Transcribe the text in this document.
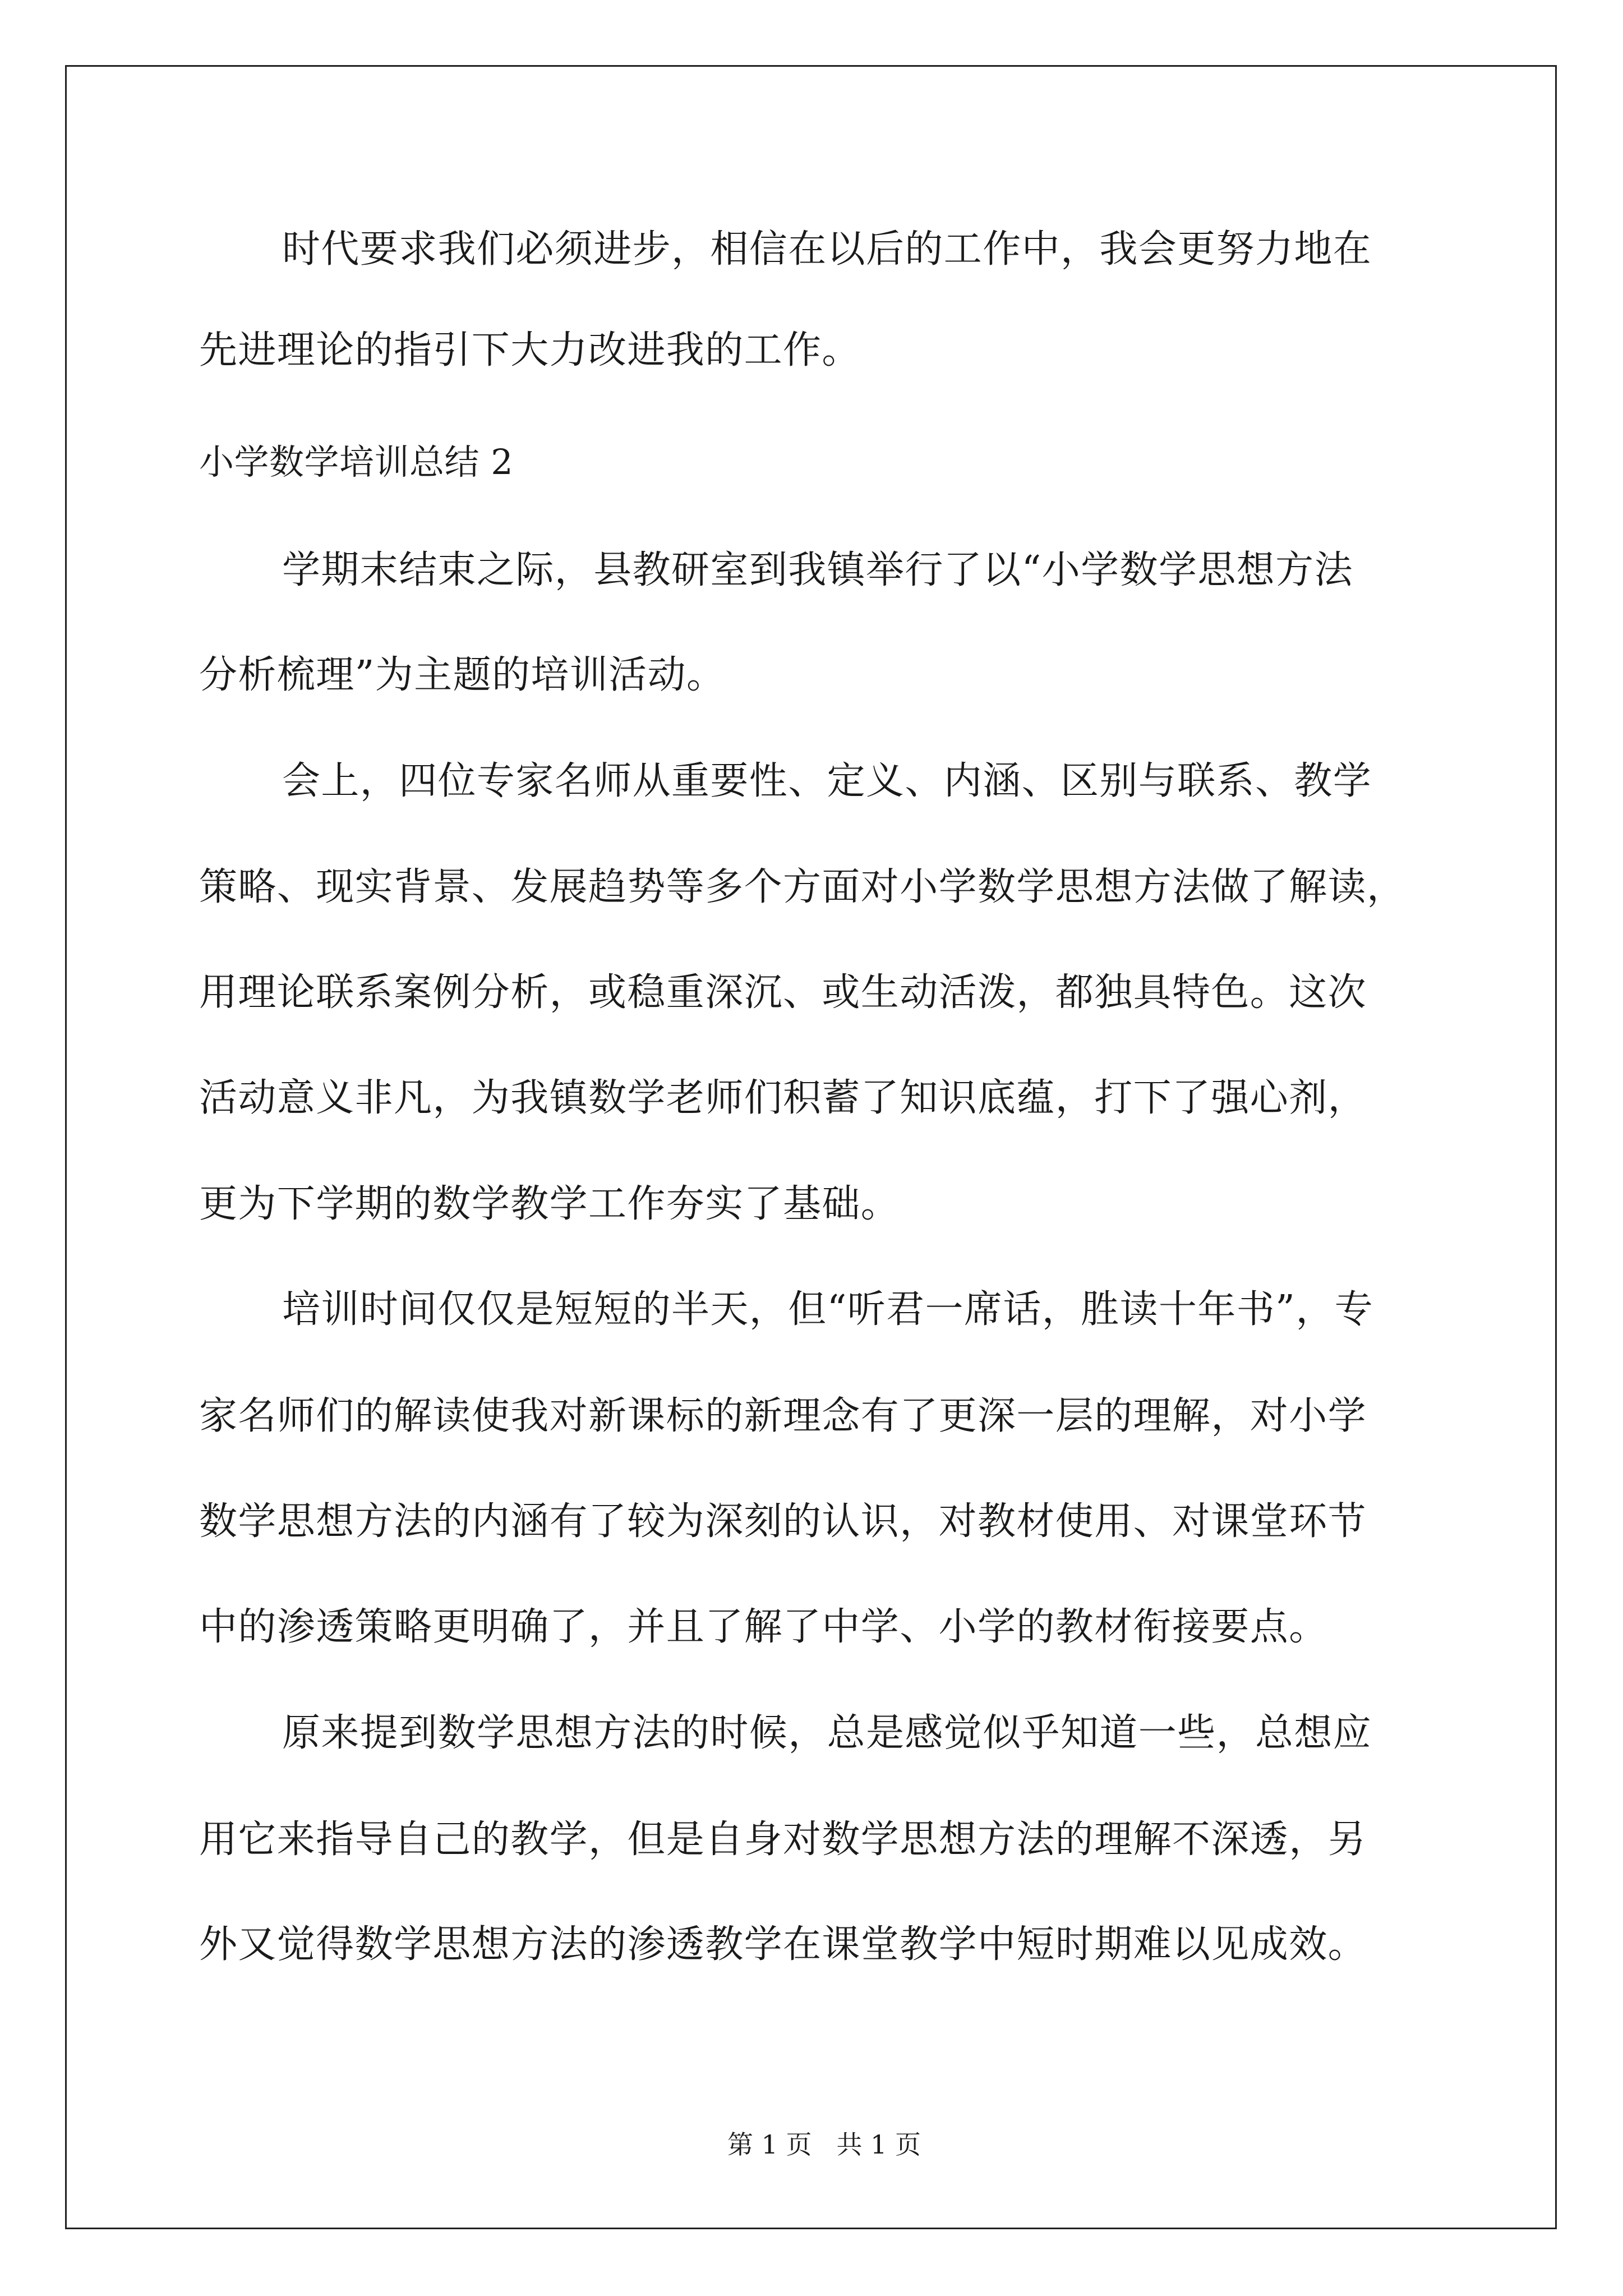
时代要求我们必须进步，相信在以后的工作中，我会更努力地在
先进理论的指引下大力改进我的工作。
小学数学培训总结 2
学期末结束之际，县教研室到我镇举行了以“小学数学思想方法
分析梳理”为主题的培训活动。
会上，四位专家名师从重要性、定义、内涵、区别与联系、教学
策略、现实背景、发展趋势等多个方面对小学数学思想方法做了解读，
用理论联系案例分析，或稳重深沉、或生动活泼，都独具特色。这次
活动意义非凡，为我镇数学老师们积蓄了知识底蕴，打下了强心剂，
更为下学期的数学教学工作夯实了基础。
培训时间仅仅是短短的半天，但“听君一席话，胜读十年书”，专
家名师们的解读使我对新课标的新理念有了更深一层的理解，对小学
数学思想方法的内涵有了较为深刻的认识，对教材使用、对课堂环节
中的渗透策略更明确了，并且了解了中学、小学的教材衔接要点。
原来提到数学思想方法的时候，总是感觉似乎知道一些，总想应
用它来指导自己的教学，但是自身对数学思想方法的理解不深透，另
外又觉得数学思想方法的渗透教学在课堂教学中短时期难以见成效。
第 1 页 共 1 页
